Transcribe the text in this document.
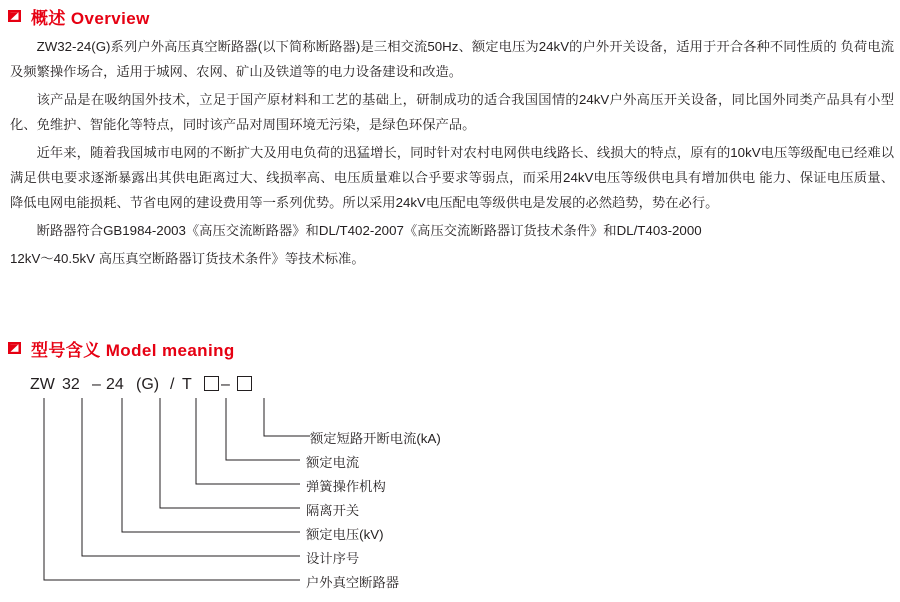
概述 Overview

ZW32-24(G)系列户外高压真空断路器(以下简称断路器)是三相交流50Hz、额定电压为24kV的户外开关设备，适用于开合各种不同性质的 负荷电流及频繁操作场合，适用于城网、农网、矿山及铁道等的电力设备建设和改造。

该产品是在吸纳国外技术，立足于国产原材料和工艺的基础上，研制成功的适合我国国情的24kV户外高压开关设备，同比国外同类产品具有小型化、免维护、智能化等特点，同时该产品对周围环境无污染，是绿色环保产品。

近年来，随着我国城市电网的不断扩大及用电负荷的迅猛增长，同时针对农村电网供电线路长、线损大的特点，原有的10kV电压等级配电已经难以满足供电要求逐渐暴露出其供电距离过大、线损率高、电压质量难以合乎要求等弱点，而采用24kV电压等级供电具有增加供电 能力、保证电压质量、降低电网电能损耗、节省电网的建设费用等一系列优势。所以采用24kV电压配电等级供电是发展的必然趋势，势在必行。

断路器符合GB1984-2003《高压交流断路器》和DL/T402-2007《高压交流断路器订货技术条件》和DL/T403-2000

12kV～40.5kV 高压真空断路器订货技术条件》等技术标准。

型号含义 Model meaning
ZW 32 – 24 (G) / T –
额定短路开断电流(kA)
额定电流
弹簧操作机构
隔离开关
额定电压(kV)
设计序号
户外真空断路器
